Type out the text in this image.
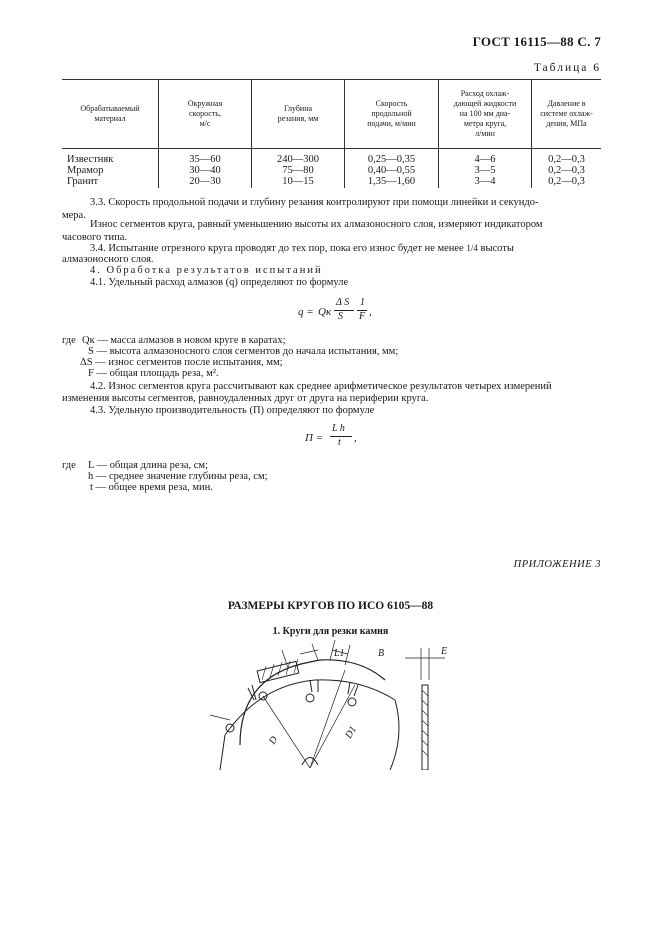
ГОСТ 16115—88 С. 7
Таблица 6
Обрабатываемый
материал	Окружная
скорость,
м/с	Глубина
резания, мм	Скорость
продольной
подачи, м/мин	Расход охлаж-
дающей жидкости
на 100 мм диа-
метра круга,
л/мин	Давление в
системе охлаж-
дения, МПа
Известняк	35—60	240—300	0,25—0,35	4—6	0,2—0,3
Мрамор	30—40	75—80	0,40—0,55	3—5	0,2—0,3
Гранит	20—30	10—15	1,35—1,60	3—4	0,2—0,3
3.3. Скорость продольной подачи и глубину резания контролируют при помощи линейки и секундо-
мера.
Износ сегментов круга, равный уменьшению высоты их алмазоносного слоя, измеряют индикатором
часового типа.
3.4. Испытание отрезного круга проводят до тех пор, пока его износ будет не менее 1/4 высоты
алмазоносного слоя.
4. Обработка результатов испытаний
4.1. Удельный расход алмазов (q) определяют по формуле
q = Qк
Δ S
S
1
F ,
где Qк — масса алмазов в новом круге в каратах;
S — высота алмазоносного слоя сегментов до начала испытания, мм;
ΔS — износ сегментов после испытания, мм;
F — общая площадь реза, м².
4.2. Износ сегментов круга рассчитывают как среднее арифметическое результатов четырех измерений
изменения высоты сегментов, равноудаленных друг от друга на периферии круга.
4.3. Удельную производительность (П) определяют по формуле
П =
L h
t ,
где L — общая длина реза, см;
h — среднее значение глубины реза, см;
t — общее время реза, мин.
ПРИЛОЖЕНИЕ 3
РАЗМЕРЫ КРУГОВ ПО ИСО 6105—88
1. Круги для резки камня
D	D1
L1	B	E
